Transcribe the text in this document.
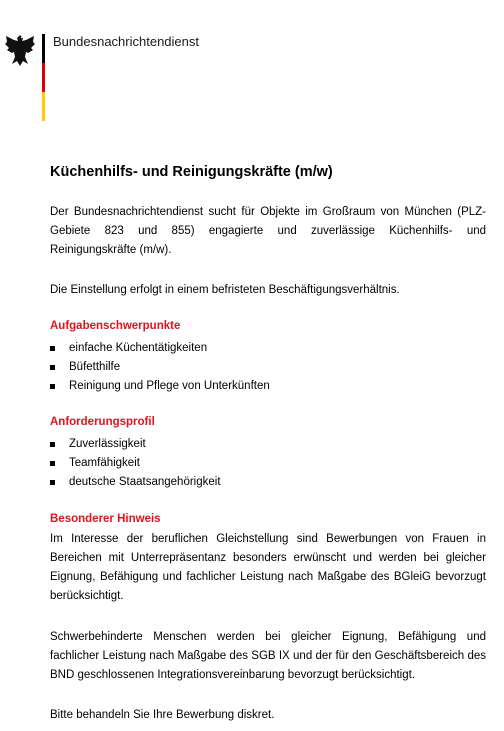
Bundesnachrichtendienst
Küchenhilfs- und Reinigungskräfte (m/w)
Der Bundesnachrichtendienst sucht für Objekte im Großraum von München (PLZ-Gebiete 823 und 855) engagierte und zuverlässige Küchenhilfs- und Reinigungskräfte (m/w).
Die Einstellung erfolgt in einem befristeten Beschäftigungsverhältnis.
Aufgabenschwerpunkte
einfache Küchentätigkeiten
Büfetthilfe
Reinigung und Pflege von Unterkünften
Anforderungsprofil
Zuverlässigkeit
Teamfähigkeit
deutsche Staatsangehörigkeit
Besonderer Hinweis
Im Interesse der beruflichen Gleichstellung sind Bewerbungen von Frauen in Bereichen mit Unterrepräsentanz besonders erwünscht und werden bei gleicher Eignung, Befähigung und fachlicher Leistung nach Maßgabe des BGleiG bevorzugt berücksichtigt.
Schwerbehinderte Menschen werden bei gleicher Eignung, Befähigung und fachlicher Leistung nach Maßgabe des SGB IX und der für den Geschäftsbereich des BND geschlossenen Integrationsvereinbarung bevorzugt berücksichtigt.
Bitte behandeln Sie Ihre Bewerbung diskret.
